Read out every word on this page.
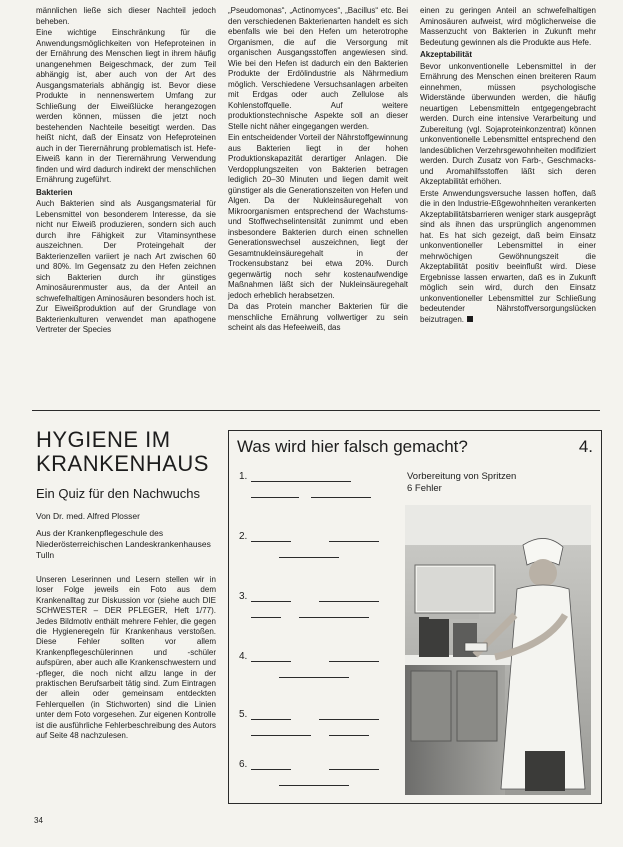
männlichen ließe sich dieser Nachteil jedoch beheben.

Eine wichtige Einschränkung für die Anwendungsmöglichkeiten von Hefeproteinen in der Ernährung des Menschen liegt in ihrem häufig unangenehmen Beigeschmack, der zum Teil abhängig ist, aber auch von der Art des Ausgangsmaterials abhängig ist. Bevor diese Produkte in nennenswertem Umfang zur Schließung der Eiweißlücke herangezogen werden können, müssen die jetzt noch bestehenden Nachteile beseitigt werden. Das heißt nicht, daß der Einsatz von Hefeproteinen auch in der Tierernährung problematisch ist. Hefe-Eiweiß kann in der Tierernährung Verwendung finden und wird dadurch indirekt der menschlichen Ernährung zugeführt.

Bakterien

Auch Bakterien sind als Ausgangsmaterial für Lebensmittel von besonderem Interesse, da sie nicht nur Eiweiß produzieren, sondern sich auch durch ihre Fähigkeit zur Vitaminsynthese auszeichnen. Der Proteingehalt der Bakterienzellen variiert je nach Art zwischen 60 und 80%. Im Gegensatz zu den Hefen zeichnen sich Bakterien durch ihr günstiges Aminosäurenmuster aus, da der Anteil an schwefelhaltigen Aminosäuren besonders hoch ist. Zur Eiweißproduktion auf der Grundlage von Bakterienkulturen verwendet man apathogene Vertreter der Species

„Pseudomonas“, „Actinomyces“, „Bacillus“ etc. Bei den verschiedenen Bakterienarten handelt es sich ebenfalls wie bei den Hefen um heterotrophe Organismen, die auf die Versorgung mit organischen Ausgangsstoffen angewiesen sind. Wie bei den Hefen ist dadurch ein den Bakterien Produkte der Erdölindustrie als Nährmedium möglich. Verschiedene Versuchsanlagen arbeiten mit Erdgas oder auch Zellulose als Kohlenstoffquelle. Auf weitere produktionstechnische Aspekte soll an dieser Stelle nicht näher eingegangen werden.

Ein entscheidender Vorteil der Nährstoffgewinnung aus Bakterien liegt in der hohen Produktionskapazität derartiger Anlagen. Die Verdopplungszeiten von Bakterien betragen lediglich 20–30 Minuten und liegen damit weit günstiger als die Generationszeiten von Hefen und Algen. Da der Nukleinsäuregehalt von Mikroorganismen entsprechend der Wachstums- und Stoffwechselintensität zunimmt und eben insbesondere Bakterien durch einen schnellen Generationswechsel auszeichnen, liegt der Gesamtnukleinsäuregehalt in der Trockensubstanz bei etwa 20%. Durch gegenwärtig noch sehr kostenaufwendige Maßnahmen läßt sich der Nukleinsäuregehalt jedoch erheblich herabsetzen.

Da das Protein mancher Bakterien für die menschliche Ernährung vollwertiger zu sein scheint als das Hefeeiweiß, das

einen zu geringen Anteil an schwefelhaltigen Aminosäuren aufweist, wird möglicherweise die Massenzucht von Bakterien in Zukunft mehr Bedeutung gewinnen als die Produkte aus Hefe.

Akzeptabilität

Bevor unkonventionelle Lebensmittel in der Ernährung des Menschen einen breiteren Raum einnehmen, müssen psychologische Widerstände überwunden werden, die häufig neuartigen Lebensmitteln entgegengebracht werden. Durch eine intensive Verarbeitung und Zubereitung (vgl. Sojaproteinkonzentrat) können unkonventionelle Lebensmittel entsprechend den landesüblichen Verzehrsgewohnheiten modifiziert werden. Durch Zusatz von Farb-, Geschmacks- und Aromahilfsstoffen läßt sich deren Akzeptabilität erhöhen.

Erste Anwendungsversuche lassen hoffen, daß die in den Industrie-Eßgewohnheiten verankerten Akzeptabilitätsbarrieren weniger stark ausgeprägt sind als ihnen das ursprünglich angenommen hat. Es hat sich gezeigt, daß beim Einsatz unkonventioneller Lebensmittel in einer mehrwöchigen Gewöhnungszeit die Akzeptabilität positiv beeinflußt wird. Diese Ergebnisse lassen erwarten, daß es in Zukunft möglich sein wird, durch den Einsatz unkonventioneller Lebensmittel zur Schließung bedeutender Nährstoffversorgungslücken beizutragen.

HYGIENE IM KRANKENHAUS
Ein Quiz für den Nachwuchs

Von Dr. med. Alfred Plosser

Aus der Krankenpflegeschule des Niederösterreichischen Landeskrankenhauses Tulln

Unseren Leserinnen und Lesern stellen wir in loser Folge jeweils ein Foto aus dem Krankenalltag zur Diskussion vor (siehe auch DIE SCHWESTER – DER PFLEGER, Heft 1/77). Jedes Bildmotiv enthält mehrere Fehler, die gegen die Hygieneregeln für Krankenhaus verstoßen. Diese Fehler sollten vor allem Krankenpflegeschülerinnen und -schüler aufspüren, aber auch alle Krankenschwestern und -pfleger, die noch nicht allzu lange in der praktischen Berufsarbeit tätig sind. Zum Eintragen der allein oder gemeinsam entdeckten Fehlerquellen (in Stichworten) sind die Linien unter dem Foto vorgesehen. Zur eigenen Kontrolle ist die ausführliche Fehlerbeschreibung des Autors auf Seite 48 nachzulesen.

Was wird hier falsch gemacht?	4.
1.
2.
3.
4.
5.
6.

Vorbereitung von Spritzen
6 Fehler

34
